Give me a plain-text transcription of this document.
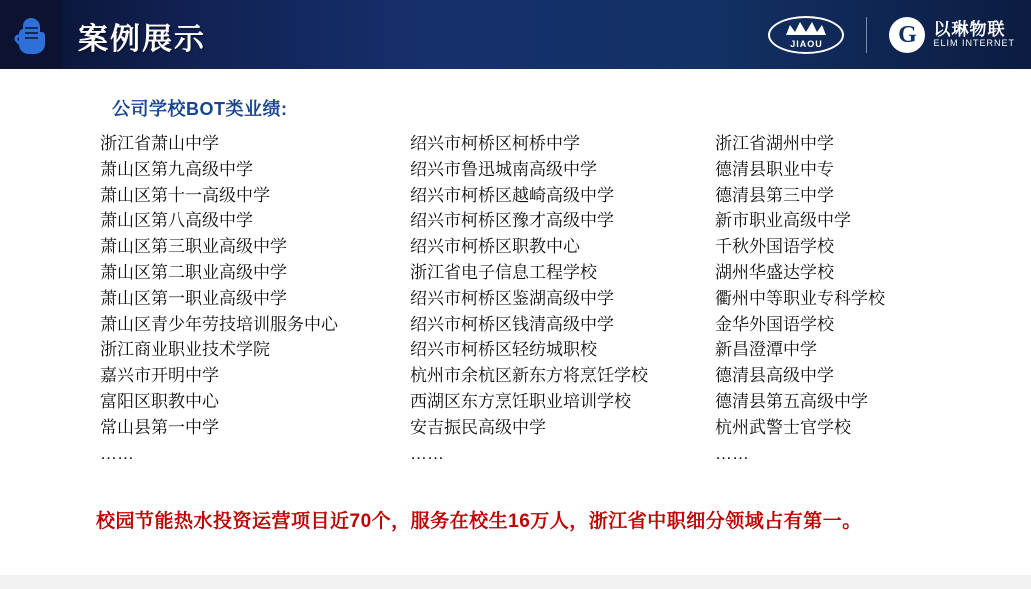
案例展示	JIAOU	G 以琳物联
ELIM INTERNET
公司学校BOT类业绩:
浙江省萧山中学
萧山区第九高级中学
萧山区第十一高级中学
萧山区第八高级中学
萧山区第三职业高级中学
萧山区第二职业高级中学
萧山区第一职业高级中学
萧山区青少年劳技培训服务中心
浙江商业职业技术学院
嘉兴市开明中学
富阳区职教中心
常山县第一中学
……
绍兴市柯桥区柯桥中学
绍兴市鲁迅城南高级中学
绍兴市柯桥区越崎高级中学
绍兴市柯桥区豫才高级中学
绍兴市柯桥区职教中心
浙江省电子信息工程学校
绍兴市柯桥区鉴湖高级中学
绍兴市柯桥区钱清高级中学
绍兴市柯桥区轻纺城职校
杭州市余杭区新东方将烹饪学校
西湖区东方烹饪职业培训学校
安吉振民高级中学
……
浙江省湖州中学
德清县职业中专
德清县第三中学
新市职业高级中学
千秋外国语学校
湖州华盛达学校
衢州中等职业专科学校
金华外国语学校
新昌澄潭中学
德清县高级中学
德清县第五高级中学
杭州武警士官学校
……
校园节能热水投资运营项目近70个，服务在校生16万人，浙江省中职细分领域占有第一。
